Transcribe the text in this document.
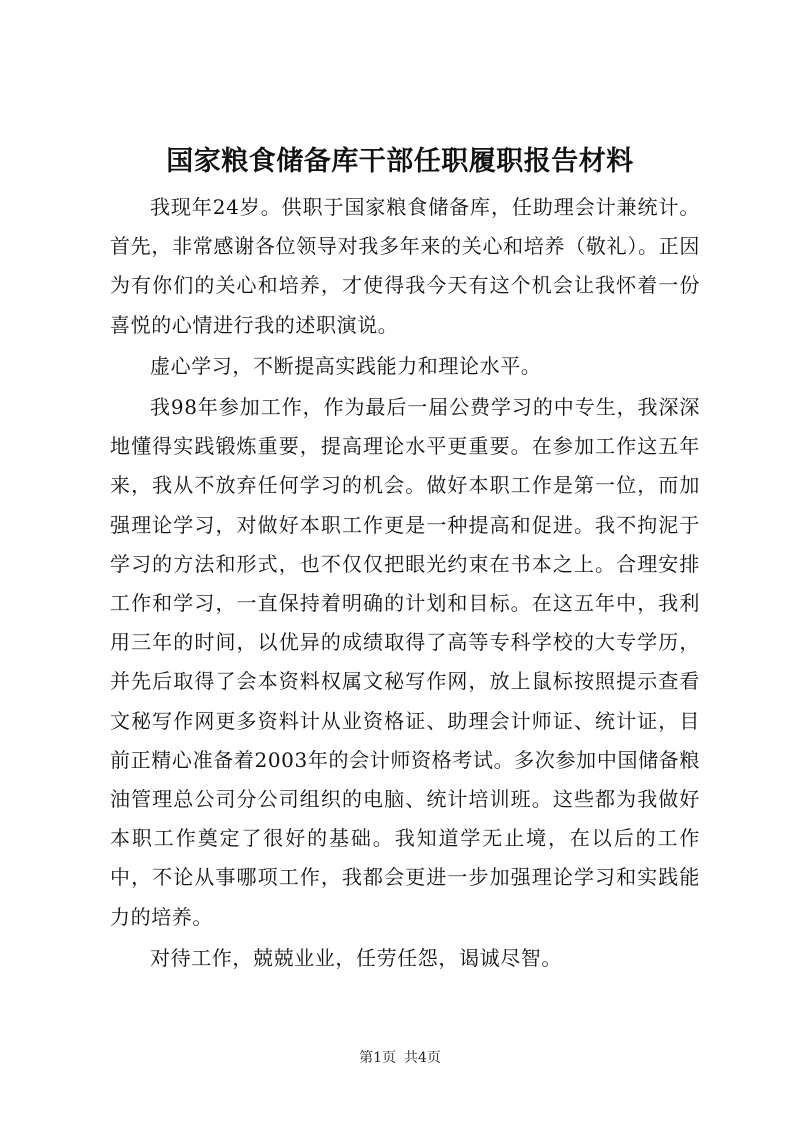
国家粮食储备库干部任职履职报告材料

我现年24岁。供职于国家粮食储备库，任助理会计兼统计。首先，非常感谢各位领导对我多年来的关心和培养（敬礼）。正因为有你们的关心和培养，才使得我今天有这个机会让我怀着一份喜悦的心情进行我的述职演说。

虚心学习，不断提高实践能力和理论水平。

我98年参加工作，作为最后一届公费学习的中专生，我深深地懂得实践锻炼重要，提高理论水平更重要。在参加工作这五年来，我从不放弃任何学习的机会。做好本职工作是第一位，而加强理论学习，对做好本职工作更是一种提高和促进。我不拘泥于学习的方法和形式，也不仅仅把眼光约束在书本之上。合理安排工作和学习，一直保持着明确的计划和目标。在这五年中，我利用三年的时间，以优异的成绩取得了高等专科学校的大专学历，并先后取得了会本资料权属文秘写作网，放上鼠标按照提示查看文秘写作网更多资料计从业资格证、助理会计师证、统计证，目前正精心准备着2003年的会计师资格考试。多次参加中国储备粮油管理总公司分公司组织的电脑、统计培训班。这些都为我做好本职工作奠定了很好的基础。我知道学无止境，在以后的工作中，不论从事哪项工作，我都会更进一步加强理论学习和实践能力的培养。

对待工作，兢兢业业，任劳任怨，谒诚尽智。

第1页 共4页
